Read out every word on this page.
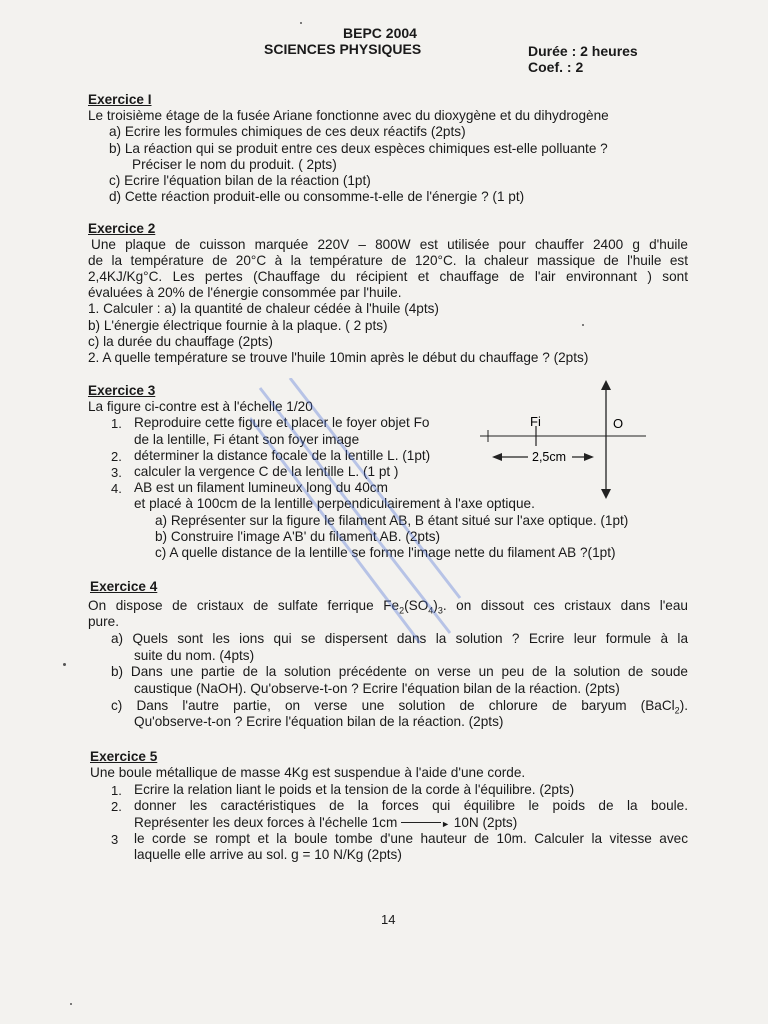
BEPC 2004
SCIENCES PHYSIQUES	Durée : 2 heures
Coef. : 2
Exercice I
Le troisième étage de la fusée Ariane fonctionne avec du dioxygène et du dihydrogène
a) Ecrire les formules chimiques de ces deux réactifs (2pts)
b) La réaction qui se produit entre ces deux espèces chimiques est-elle polluante ?
Préciser le nom du produit. ( 2pts)
c) Ecrire l'équation bilan de la réaction (1pt)
d) Cette réaction produit-elle ou consomme-t-elle de l'énergie ? (1 pt)
Exercice 2
Une plaque de cuisson marquée 220V – 800W est utilisée pour chauffer 2400 g d'huile
de la température de 20°C à la température de 120°C. la chaleur massique de l'huile est
2,4KJ/Kg°C. Les pertes (Chauffage du récipient et chauffage de l'air environnant ) sont
évaluées à 20% de l'énergie consommée par l'huile.
1. Calculer : a) la quantité de chaleur cédée à l'huile (4pts)
b) L'énergie électrique fournie à la plaque. ( 2 pts)
c) la durée du chauffage (2pts)
2. A quelle température se trouve l'huile 10min après le début du chauffage ? (2pts)
Exercice 3
La figure ci-contre est à l'échelle 1/20
1. Reproduire cette figure et placer le foyer objet Fo
de la lentille, Fi étant son foyer image
2. déterminer la distance focale de la lentille L. (1pt)
3. calculer la vergence C de la lentille L. (1 pt )
4. AB est un filament lumineux long du 40cm
et placé à 100cm de la lentille perpendiculairement à l'axe optique.
a) Représenter sur la figure le filament AB, B étant situé sur l'axe optique. (1pt)
b) Construire l'image A'B' du filament AB. (2pts)
c) A quelle distance de la lentille se forme l'image nette du filament AB ?(1pt)
Fi	O
2,5cm
Exercice 4
On dispose de cristaux de sulfate ferrique $Fe_2(SO_4)_3$. on dissout ces cristaux dans l'eau
pure.
a) Quels sont les ions qui se dispersent dans la solution ? Ecrire leur formule à la
suite du nom. (4pts)
b) Dans une partie de la solution précédente on verse un peu de la solution de soude
caustique (NaOH). Qu'observe-t-on ? Ecrire l'équation bilan de la réaction. (2pts)
c) Dans l'autre partie, on verse une solution de chlorure de baryum (BaCl$_2$).
Qu'observe-t-on ? Ecrire l'équation bilan de la réaction. (2pts)
Exercice 5
Une boule métallique de masse 4Kg est suspendue à l'aide d'une corde.
1. Ecrire la relation liant le poids et la tension de la corde à l'équilibre. (2pts)
2. donner les caractéristiques de la forces qui équilibre le poids de la boule.
Représenter les deux forces à l'échelle 1cm	► 10N (2pts)
3 le corde se rompt et la boule tombe d'une hauteur de 10m. Calculer la vitesse avec
laquelle elle arrive au sol. g = 10 N/Kg (2pts)
14
